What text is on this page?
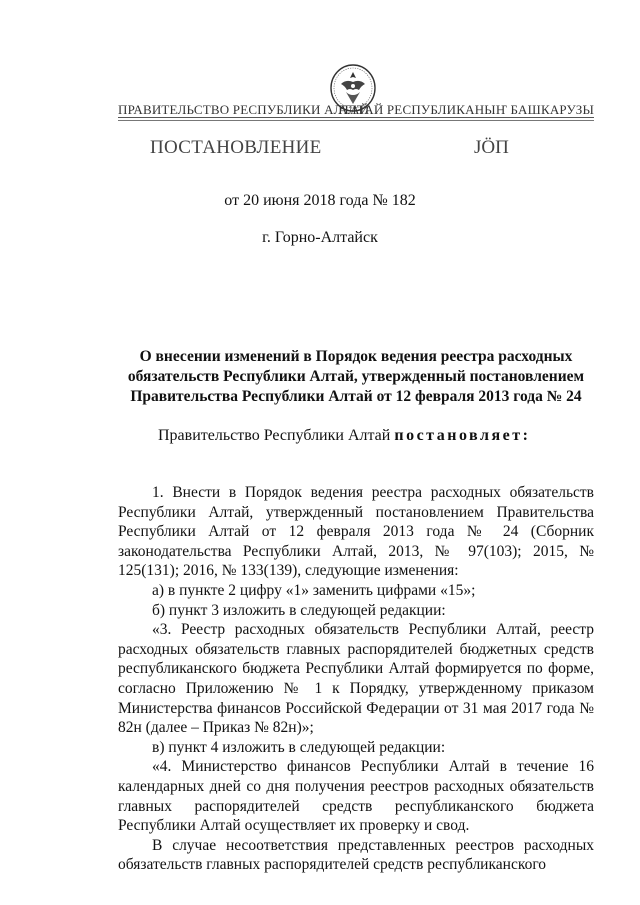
ПРАВИТЕЛЬСТВО РЕСПУБЛИКИ АЛТАЙ
АЛТАЙ РЕСПУБЛИКАНЫҤ БАШКАРУЗЫ
ПОСТАНОВЛЕНИЕ	JӦП
от 20 июня 2018 года № 182
г. Горно-Алтайск
О внесении изменений в Порядок ведения реестра расходных обязательств Республики Алтай, утвержденный постановлением Правительства Республики Алтай от 12 февраля 2013 года № 24
Правительство Республики Алтай постановляет:

1. Внести в Порядок ведения реестра расходных обязательств Республики Алтай, утвержденный постановлением Правительства Республики Алтай от 12 февраля 2013 года № 24 (Сборник законодательства Республики Алтай, 2013, № 97(103); 2015, № 125(131); 2016, № 133(139), следующие изменения:

а) в пункте 2 цифру «1» заменить цифрами «15»;

б) пункт 3 изложить в следующей редакции:

«3. Реестр расходных обязательств Республики Алтай, реестр расходных обязательств главных распорядителей бюджетных средств республиканского бюджета Республики Алтай формируется по форме, согласно Приложению № 1 к Порядку, утвержденному приказом Министерства финансов Российской Федерации от 31 мая 2017 года № 82н (далее – Приказ № 82н)»;

в) пункт 4 изложить в следующей редакции:

«4. Министерство финансов Республики Алтай в течение 16 календарных дней со дня получения реестров расходных обязательств главных распорядителей средств республиканского бюджета Республики Алтай осуществляет их проверку и свод.

В случае несоответствия представленных реестров расходных обязательств главных распорядителей средств республиканского
